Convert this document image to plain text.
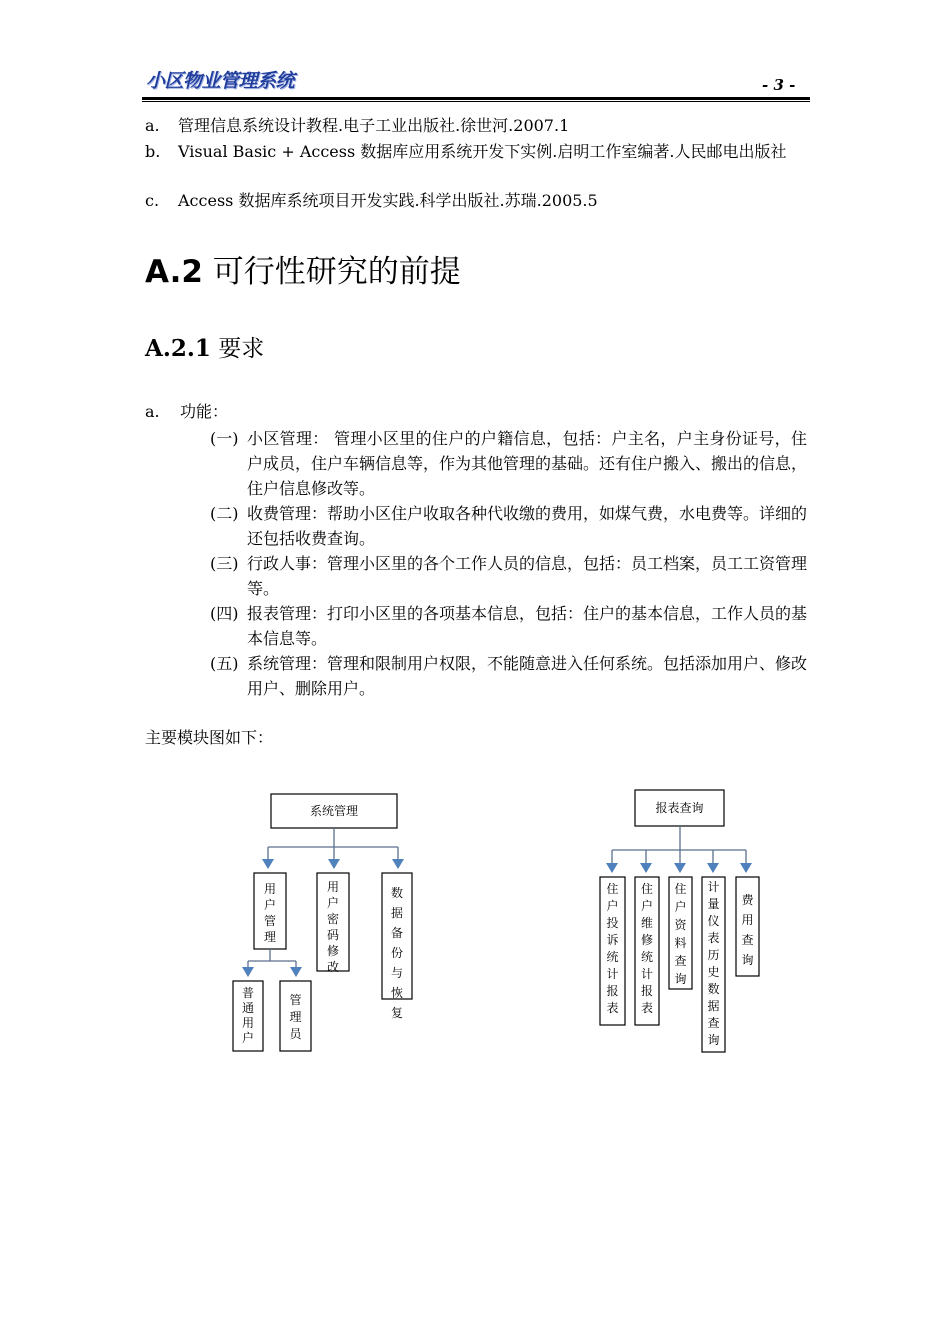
小区物业管理系统	- 3 -
a. 管理信息系统设计教程.电子工业出版社.徐世河.2007.1
b. Visual Basic + Access 数据库应用系统开发下实例.启明工作室编著.人民邮电出版社
c. Access 数据库系统项目开发实践.科学出版社.苏瑞.2005.5
A.2 可行性研究的前提
A.2.1 要求
a. 功能：
(一) 小区管理： 管理小区里的住户的户籍信息，包括：户主名，户主身份证号，住户成员，住户车辆信息等，作为其他管理的基础。还有住户搬入、搬出的信息，住户信息修改等。
(二) 收费管理：帮助小区住户收取各种代收缴的费用，如煤气费，水电费等。详细的还包括收费查询。
(三) 行政人事：管理小区里的各个工作人员的信息，包括：员工档案，员工工资管理等。
(四) 报表管理：打印小区里的各项基本信息，包括：住户的基本信息，工作人员的基本信息等。
(五) 系统管理：管理和限制用户权限，不能随意进入任何系统。包括添加用户、修改用户、删除用户。
主要模块图如下：
系统管理
用户管理
用户密码修改
数据备份与恢复
普通用户
管理员
报表查询
住户投诉统计报表
住户维修统计报表
住户资料查询
计量仪表历史数据查询
费用查询
